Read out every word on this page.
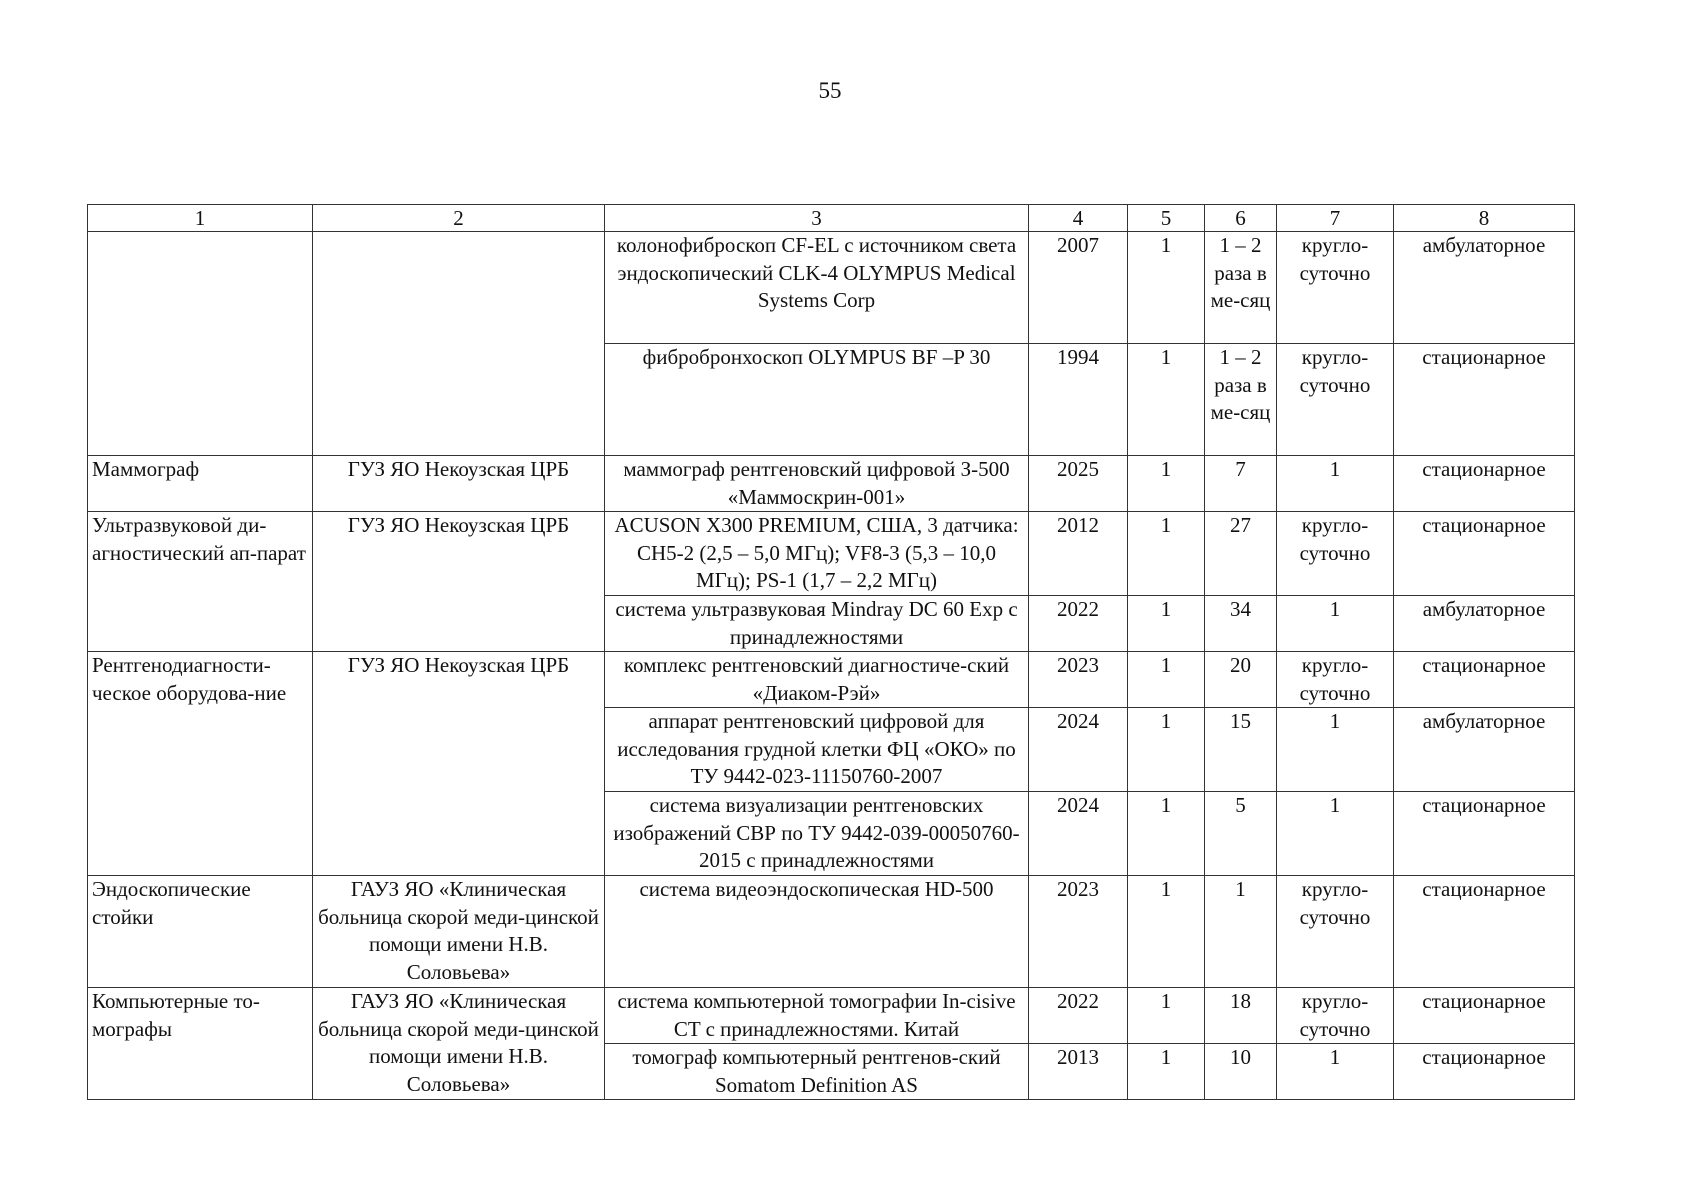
55
1	2	3	4	5	6	7	8
		колонофиброскоп CF-EL с источником света эндоскопический CLK-4 OLYMPUS Medical Systems Corp	2007	1	1 – 2 раза в ме-сяц	кругло-суточно	амбулаторное
		фибробронхоскоп OLYMPUS BF –P 30	1994	1	1 – 2 раза в ме-сяц	кругло-суточно	стационарное
Маммограф	ГУЗ ЯО Некоузская ЦРБ	маммограф рентгеновский цифровой З-500 «Маммоскрин-001»	2025	1	7	1	стационарное
Ультразвуковой ди-агностический ап-парат	ГУЗ ЯО Некоузская ЦРБ	ACUSON X300 PREMIUM, США, 3 датчика: CH5-2 (2,5 – 5,0 МГц); VF8-3 (5,3 – 10,0 МГц); PS-1 (1,7 – 2,2 МГц)	2012	1	27	кругло-суточно	стационарное
		система ультразвуковая Mindray DC 60 Exp с принадлежностями	2022	1	34	1	амбулаторное
Рентгенодиагности-ческое оборудова-ние	ГУЗ ЯО Некоузская ЦРБ	комплекс рентгеновский диагностиче-ский «Диаком-Рэй»	2023	1	20	кругло-суточно	стационарное
		аппарат рентгеновский цифровой для исследования грудной клетки ФЦ «ОКО» по ТУ 9442-023-11150760-2007	2024	1	15	1	амбулаторное
		система визуализации рентгеновских изображений СВР по ТУ 9442-039-00050760-2015 с принадлежностями	2024	1	5	1	стационарное
Эндоскопические стойки	ГАУЗ ЯО «Клиническая больница скорой меди-цинской помощи имени Н.В. Соловьева»	система видеоэндоскопическая HD-500	2023	1	1	кругло-суточно	стационарное
Компьютерные то-мографы	ГАУЗ ЯО «Клиническая больница скорой меди-цинской помощи имени Н.В. Соловьева»	система компьютерной томографии In-cisive CT с принадлежностями. Китай	2022	1	18	кругло-суточно	стационарное
		томограф компьютерный рентгенов-ский Somatom Definition AS	2013	1	10	1	стационарное
